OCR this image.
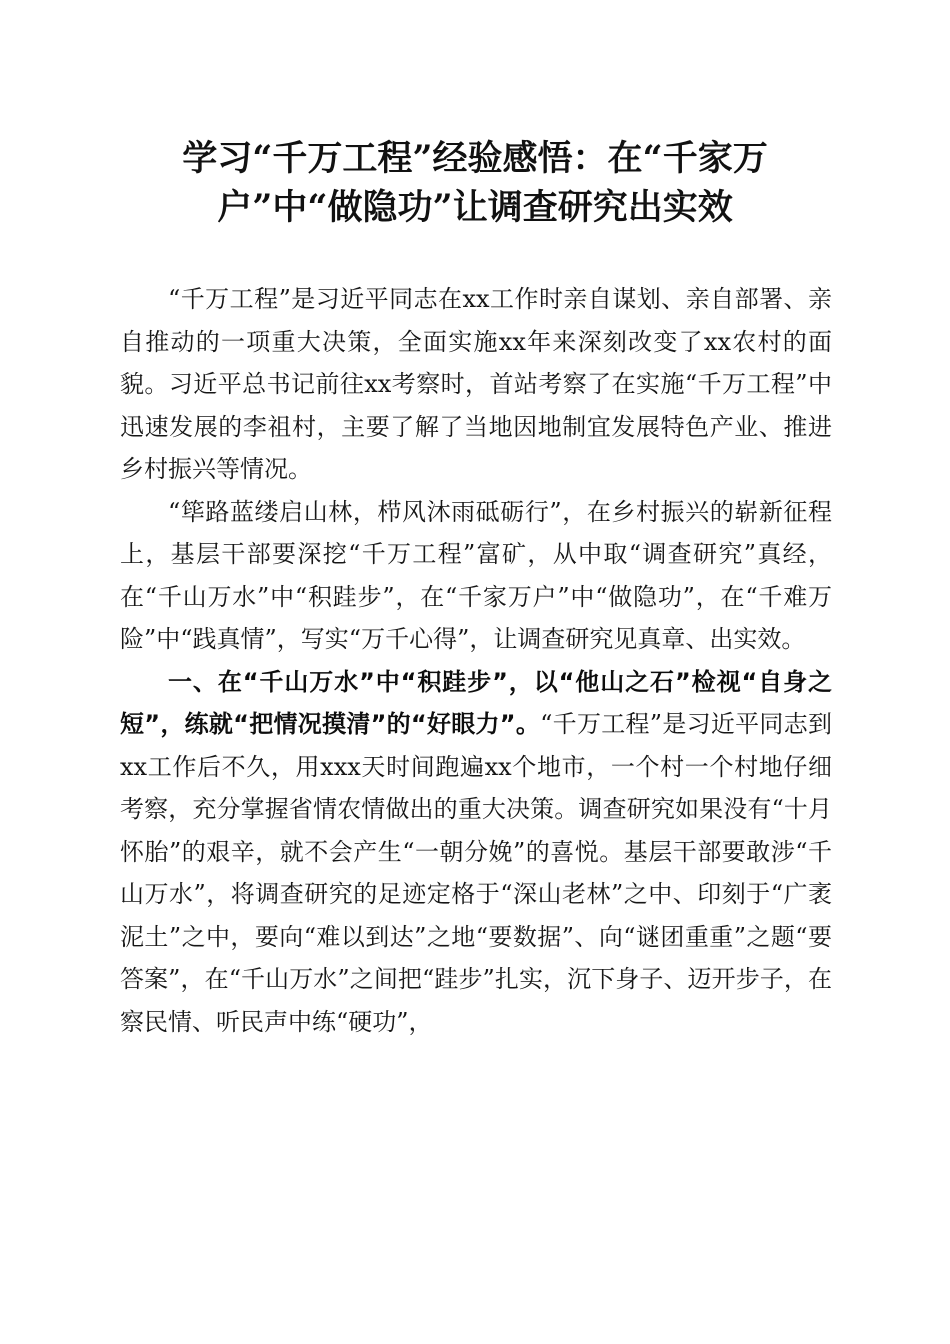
学习“千万工程”经验感悟：在“千家万
户”中“做隐功”让调查研究出实效

“千万工程”是习近平同志在xx工作时亲自谋划、亲自部署、亲自推动的一项重大决策，全面实施xx年来深刻改变了xx农村的面貌。习近平总书记前往xx考察时，首站考察了在实施“千万工程”中迅速发展的李祖村，主要了解了当地因地制宜发展特色产业、推进乡村振兴等情况。

“筚路蓝缕启山林，栉风沐雨砥砺行”，在乡村振兴的崭新征程上，基层干部要深挖“千万工程”富矿，从中取“调查研究”真经，在“千山万水”中“积跬步”，在“千家万户”中“做隐功”，在“千难万险”中“践真情”，写实“万千心得”，让调查研究见真章、出实效。

一、在“千山万水”中“积跬步”，以“他山之石”检视“自身之短”，练就“把情况摸清”的“好眼力”。“千万工程”是习近平同志到xx工作后不久，用xxx天时间跑遍xx个地市，一个村一个村地仔细考察，充分掌握省情农情做出的重大决策。调查研究如果没有“十月怀胎”的艰辛，就不会产生“一朝分娩”的喜悦。基层干部要敢涉“千山万水”，将调查研究的足迹定格于“深山老林”之中、印刻于“广袤泥土”之中，要向“难以到达”之地“要数据”、向“谜团重重”之题“要答案”，在“千山万水”之间把“跬步”扎实，沉下身子、迈开步子，在察民情、听民声中练“硬功”，
